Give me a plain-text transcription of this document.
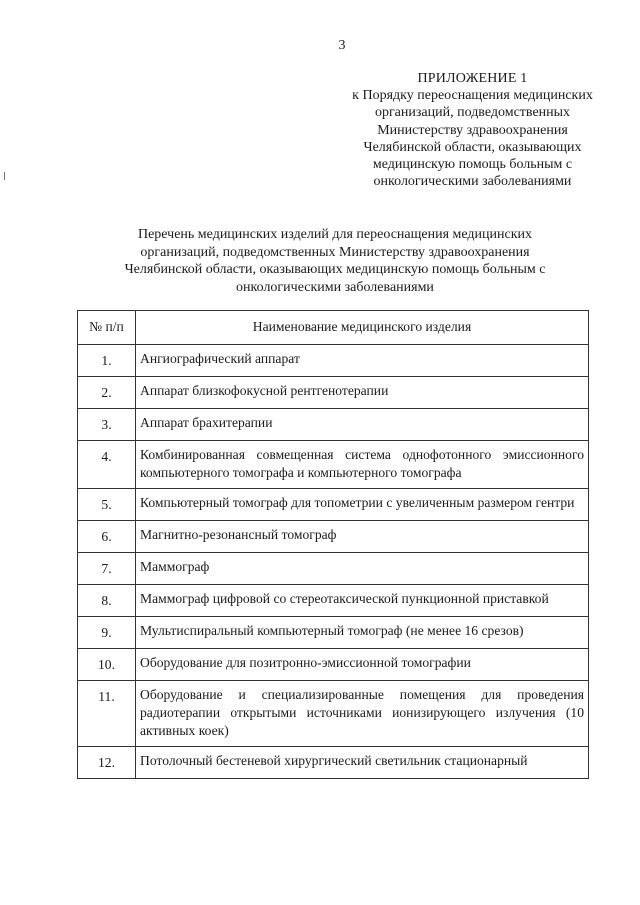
3
ПРИЛОЖЕНИЕ 1
к Порядку переоснащения медицинских организаций, подведомственных Министерству здравоохранения Челябинской области, оказывающих медицинскую помощь больным с онкологическими заболеваниями
Перечень медицинских изделий для переоснащения медицинских организаций, подведомственных Министерству здравоохранения Челябинской области, оказывающих медицинскую помощь больным с онкологическими заболеваниями
№ п/п	Наименование медицинского изделия
1.	Ангиографический аппарат
2.	Аппарат близкофокусной рентгенотерапии
3.	Аппарат брахитерапии
4.	Комбинированная совмещенная система однофотонного эмиссионного компьютерного томографа и компьютерного томографа
5.	Компьютерный томограф для топометрии с увеличенным размером гентри
6.	Магнитно-резонансный томограф
7.	Маммограф
8.	Маммограф цифровой со стереотаксической пункционной приставкой
9.	Мультиспиральный компьютерный томограф (не менее 16 срезов)
10.	Оборудование для позитронно-эмиссионной томографии
11.	Оборудование и специализированные помещения для проведения радиотерапии открытыми источниками ионизирующего излучения (10 активных коек)
12.	Потолочный бестеневой хирургический светильник стационарный
